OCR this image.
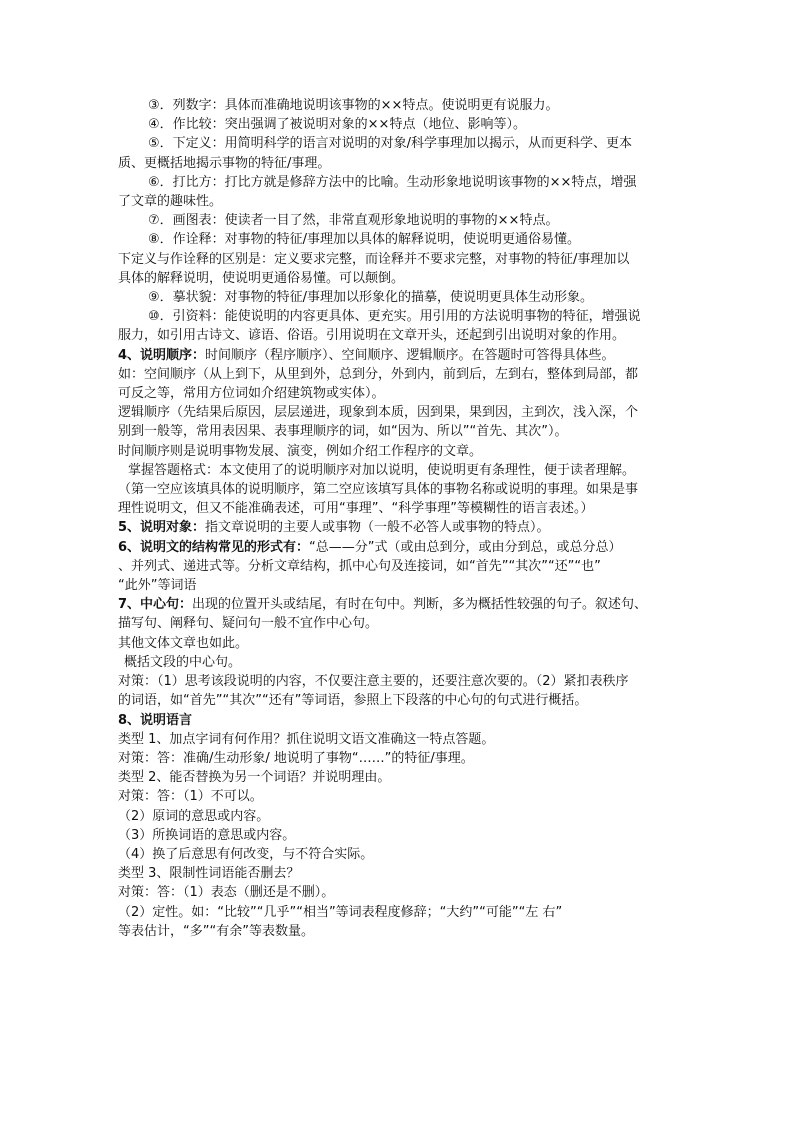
③．列数字：具体而准确地说明该事物的××特点。使说明更有说服力。
④．作比较：突出强调了被说明对象的××特点（地位、影响等）。
⑤．下定义：用简明科学的语言对说明的对象/科学事理加以揭示，从而更科学、更本
质、更概括地揭示事物的特征/事理。
⑥．打比方：打比方就是修辞方法中的比喻。生动形象地说明该事物的××特点，增强
了文章的趣味性。
⑦．画图表：使读者一目了然，非常直观形象地说明的事物的××特点。
⑧．作诠释：对事物的特征/事理加以具体的解释说明，使说明更通俗易懂。
下定义与作诠释的区别是：定义要求完整，而诠释并不要求完整，对事物的特征/事理加以
具体的解释说明，使说明更通俗易懂。可以颠倒。
⑨．摹状貌：对事物的特征/事理加以形象化的描摹，使说明更具体生动形象。
⑩．引资料：能使说明的内容更具体、更充实。用引用的方法说明事物的特征，增强说
服力，如引用古诗文、谚语、俗语。引用说明在文章开头，还起到引出说明对象的作用。
4、说明顺序：时间顺序（程序顺序）、空间顺序、逻辑顺序。在答题时可答得具体些。
如：空间顺序（从上到下，从里到外，总到分，外到内，前到后，左到右，整体到局部，都
可反之等，常用方位词如介绍建筑物或实体）。
逻辑顺序（先结果后原因，层层递进，现象到本质，因到果，果到因，主到次，浅入深，个
别到一般等，常用表因果、表事理顺序的词，如“因为、所以”“首先、其次”）。
时间顺序则是说明事物发展、演变，例如介绍工作程序的文章。
掌握答题格式：本文使用了的说明顺序对加以说明，使说明更有条理性，便于读者理解。
（第一空应该填具体的说明顺序，第二空应该填写具体的事物名称或说明的事理。如果是事
理性说明文，但又不能准确表述，可用“事理”、“科学事理”等模糊性的语言表述。）
5、说明对象：指文章说明的主要人或事物（一般不必答人或事物的特点）。
6、说明文的结构常见的形式有：“总——分”式（或由总到分，或由分到总，或总分总）
、并列式、递进式等。分析文章结构，抓中心句及连接词，如“首先”“其次”“还”“也”
“此外”等词语
7、中心句：出现的位置开头或结尾，有时在句中。判断，多为概括性较强的句子。叙述句、
描写句、阐释句、疑问句一般不宜作中心句。
其他文体文章也如此。
概括文段的中心句。
对策：（1）思考该段说明的内容，不仅要注意主要的，还要注意次要的。（2）紧扣表秩序
的词语，如“首先”“其次”“还有”等词语，参照上下段落的中心句的句式进行概括。
8、说明语言
类型 1、加点字词有何作用？抓住说明文语文准确这一特点答题。
对策：答：准确/生动形象/ 地说明了事物“……”的特征/事理。
类型 2、能否替换为另一个词语？并说明理由。
对策：答：（1）不可以。
（2）原词的意思或内容。
（3）所换词语的意思或内容。
（4）换了后意思有何改变，与不符合实际。
类型 3、限制性词语能否删去？
对策：答：（1）表态（删还是不删）。
（2）定性。如：“比较”“几乎”“相当”等词表程度修辞；“大约”“可能”“左 右”
等表估计，“多”“有余”等表数量。
